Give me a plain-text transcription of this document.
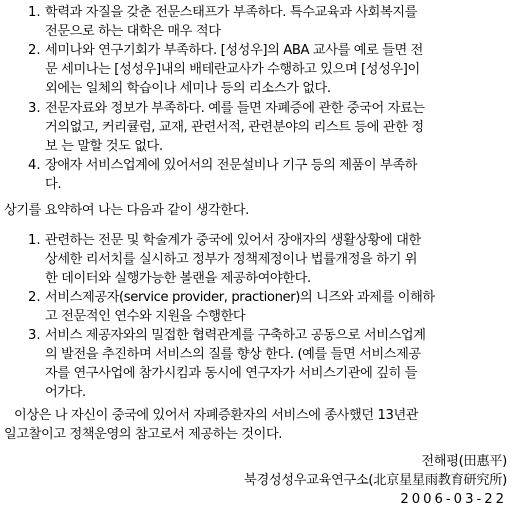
1. 학력과 자질을 갖춘 전문스태프가 부족하다. 특수교육과 사회복지를
전문으로 하는 대학은 매우 적다
2. 세미나와 연구기회가 부족하다. [성성우]의 ABA 교사를 예로 들면 전
문 세미나는 [성성우]내의 배테란교사가 수행하고 있으며 [성성우]이
외에는 일체의 학습이나 세미나 등의 리소스가 없다.
3. 전문자료와 정보가 부족하다. 예를 들면 자폐증에 관한 중국어 자료는
거의없고, 커리큘럼, 교재, 관련서적, 관련분야의 리스트 등에 관한 정
보 는 말할 것도 없다.
4. 장애자 서비스업계에 있어서의 전문설비나 기구 등의 제품이 부족하
다.
상기를 요약하여 나는 다음과 같이 생각한다.
1. 관련하는 전문 및 학술계가 중국에 있어서 장애자의 생활상황에 대한
상세한 리서치를 실시하고 정부가 정책제정이나 법률개정을 하기 위
한 데이터와 실행가능한 볼랜을 제공하여야한다.
2. 서비스제공자(service provider, practioner)의 니즈와 과제를 이해하
고 전문적인 연수와 지원을 수행한다
3. 서비스 제공자와의 밀접한 협력관계를 구축하고 공동으로 서비스업계
의 발전을 추진하며 서비스의 질를 향상 한다. (예를 들면 서비스제공
자를 연구사업에 참가시킴과 동시에 연구자가 서비스기관에 깊히 들
어가다.
이상은 나 자신이 중국에 있어서 자폐증환자의 서비스에 종사했던 13년관
일고찰이고 정책운영의 참고로서 제공하는 것이다.
전해평(田惠平)
북경성성우교육연구소(北京星星雨教育研究所)
2006-03-22
